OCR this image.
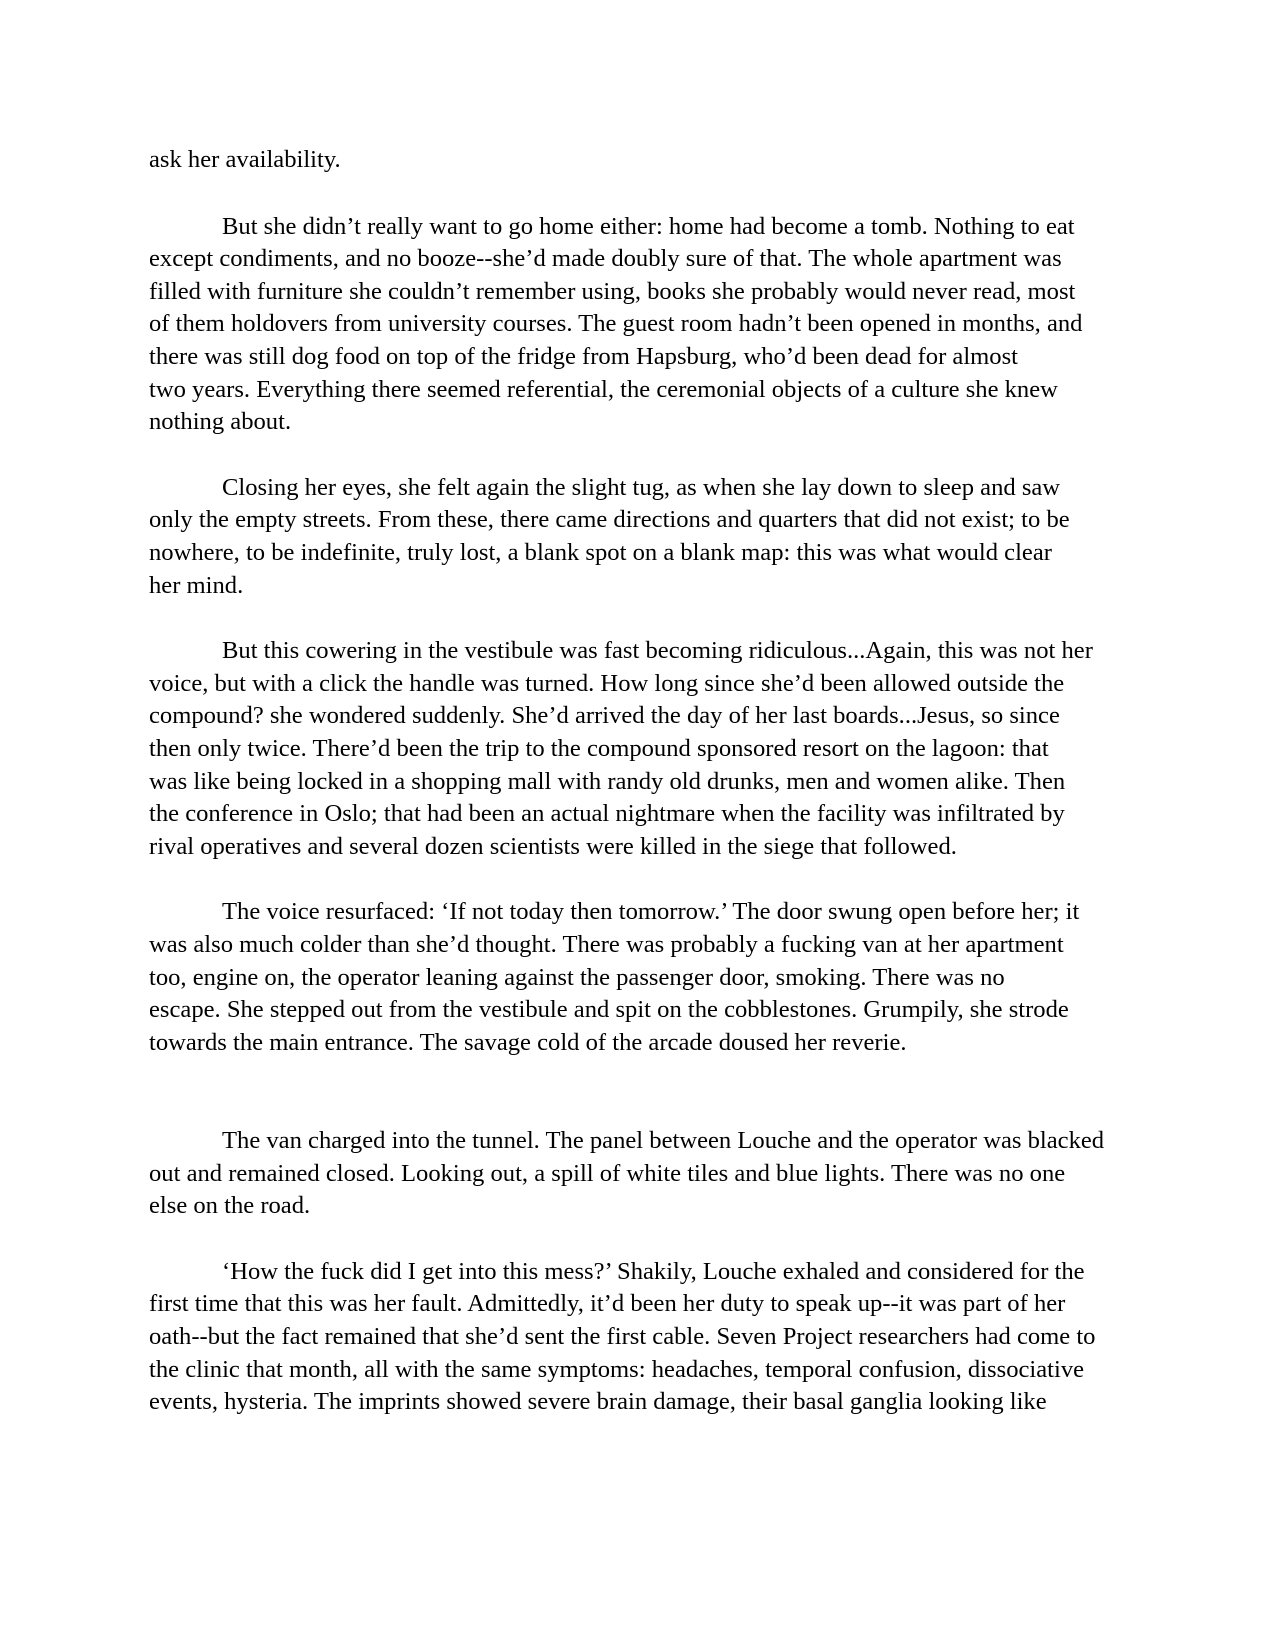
ask her availability.
But she didn’t really want to go home either: home had become a tomb. Nothing to eat
except condiments, and no booze--she’d made doubly sure of that. The whole apartment was
filled with furniture she couldn’t remember using, books she probably would never read, most
of them holdovers from university courses. The guest room hadn’t been opened in months, and
there was still dog food on top of the fridge from Hapsburg, who’d been dead for almost
two years. Everything there seemed referential, the ceremonial objects of a culture she knew
nothing about.
Closing her eyes, she felt again the slight tug, as when she lay down to sleep and saw
only the empty streets. From these, there came directions and quarters that did not exist; to be
nowhere, to be indefinite, truly lost, a blank spot on a blank map: this was what would clear
her mind.
But this cowering in the vestibule was fast becoming ridiculous...Again, this was not her
voice, but with a click the handle was turned. How long since she’d been allowed outside the
compound? she wondered suddenly. She’d arrived the day of her last boards...Jesus, so since
then only twice. There’d been the trip to the compound sponsored resort on the lagoon: that
was like being locked in a shopping mall with randy old drunks, men and women alike. Then
the conference in Oslo; that had been an actual nightmare when the facility was infiltrated by
rival operatives and several dozen scientists were killed in the siege that followed.
The voice resurfaced: ‘If not today then tomorrow.’ The door swung open before her; it
was also much colder than she’d thought. There was probably a fucking van at her apartment
too, engine on, the operator leaning against the passenger door, smoking. There was no
escape. She stepped out from the vestibule and spit on the cobblestones. Grumpily, she strode
towards the main entrance. The savage cold of the arcade doused her reverie.
The van charged into the tunnel. The panel between Louche and the operator was blacked
out and remained closed. Looking out, a spill of white tiles and blue lights. There was no one
else on the road.
‘How the fuck did I get into this mess?’ Shakily, Louche exhaled and considered for the
first time that this was her fault. Admittedly, it’d been her duty to speak up--it was part of her
oath--but the fact remained that she’d sent the first cable. Seven Project researchers had come to
the clinic that month, all with the same symptoms: headaches, temporal confusion, dissociative
events, hysteria. The imprints showed severe brain damage, their basal ganglia looking like
